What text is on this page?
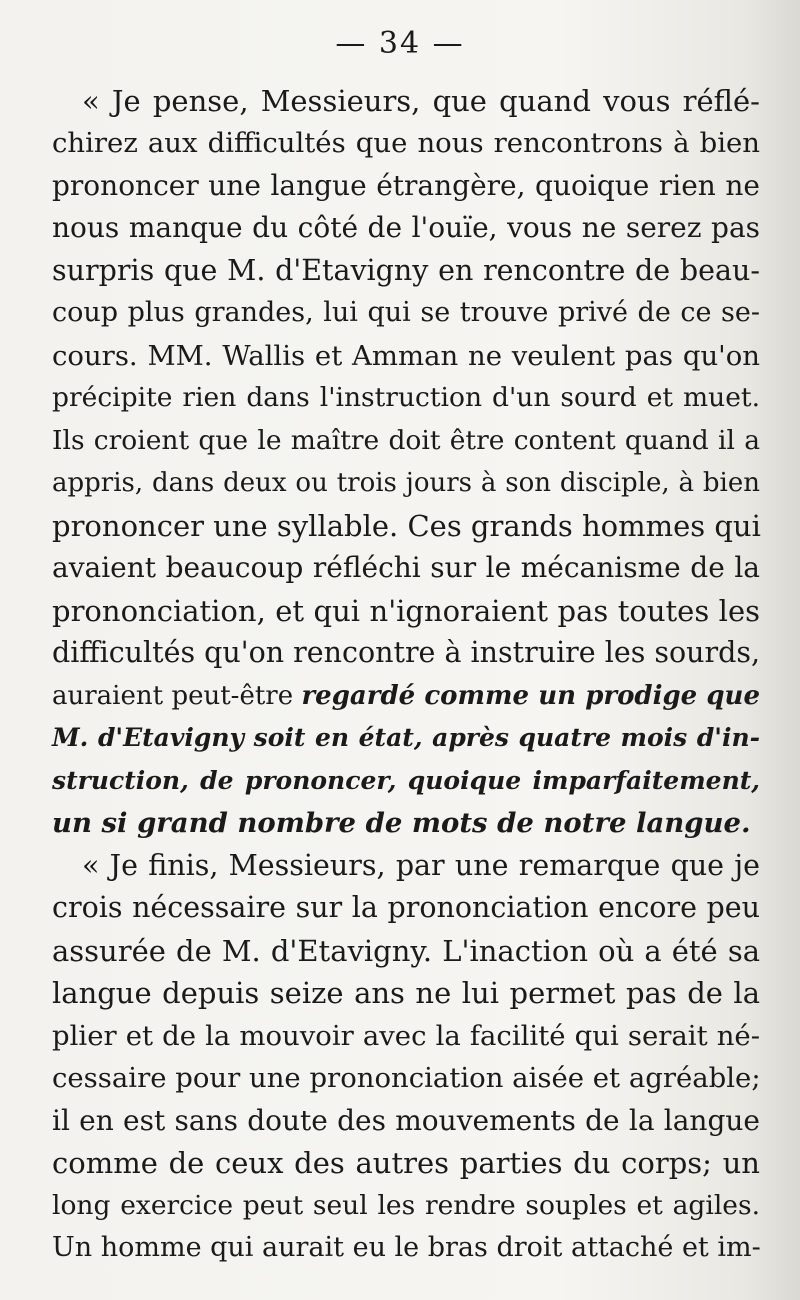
— 34 —
« Je pense, Messieurs, que quand vous réflé-
chirez aux difficultés que nous rencontrons à bien
prononcer une langue étrangère, quoique rien ne
nous manque du côté de l'ouïe, vous ne serez pas
surpris que M. d'Etavigny en rencontre de beau-
coup plus grandes, lui qui se trouve privé de ce se-
cours. MM. Wallis et Amman ne veulent pas qu'on
précipite rien dans l'instruction d'un sourd et muet.
Ils croient que le maître doit être content quand il a
appris, dans deux ou trois jours à son disciple, à bien
prononcer une syllable. Ces grands hommes qui
avaient beaucoup réfléchi sur le mécanisme de la
prononciation, et qui n'ignoraient pas toutes les
difficultés qu'on rencontre à instruire les sourds,
auraient peut-être regardé comme un prodige que
M. d'Etavigny soit en état, après quatre mois d'in-
struction, de prononcer, quoique imparfaitement,
un si grand nombre de mots de notre langue.
« Je finis, Messieurs, par une remarque que je
crois nécessaire sur la prononciation encore peu
assurée de M. d'Etavigny. L'inaction où a été sa
langue depuis seize ans ne lui permet pas de la
plier et de la mouvoir avec la facilité qui serait né-
cessaire pour une prononciation aisée et agréable;
il en est sans doute des mouvements de la langue
comme de ceux des autres parties du corps; un
long exercice peut seul les rendre souples et agiles.
Un homme qui aurait eu le bras droit attaché et im-
